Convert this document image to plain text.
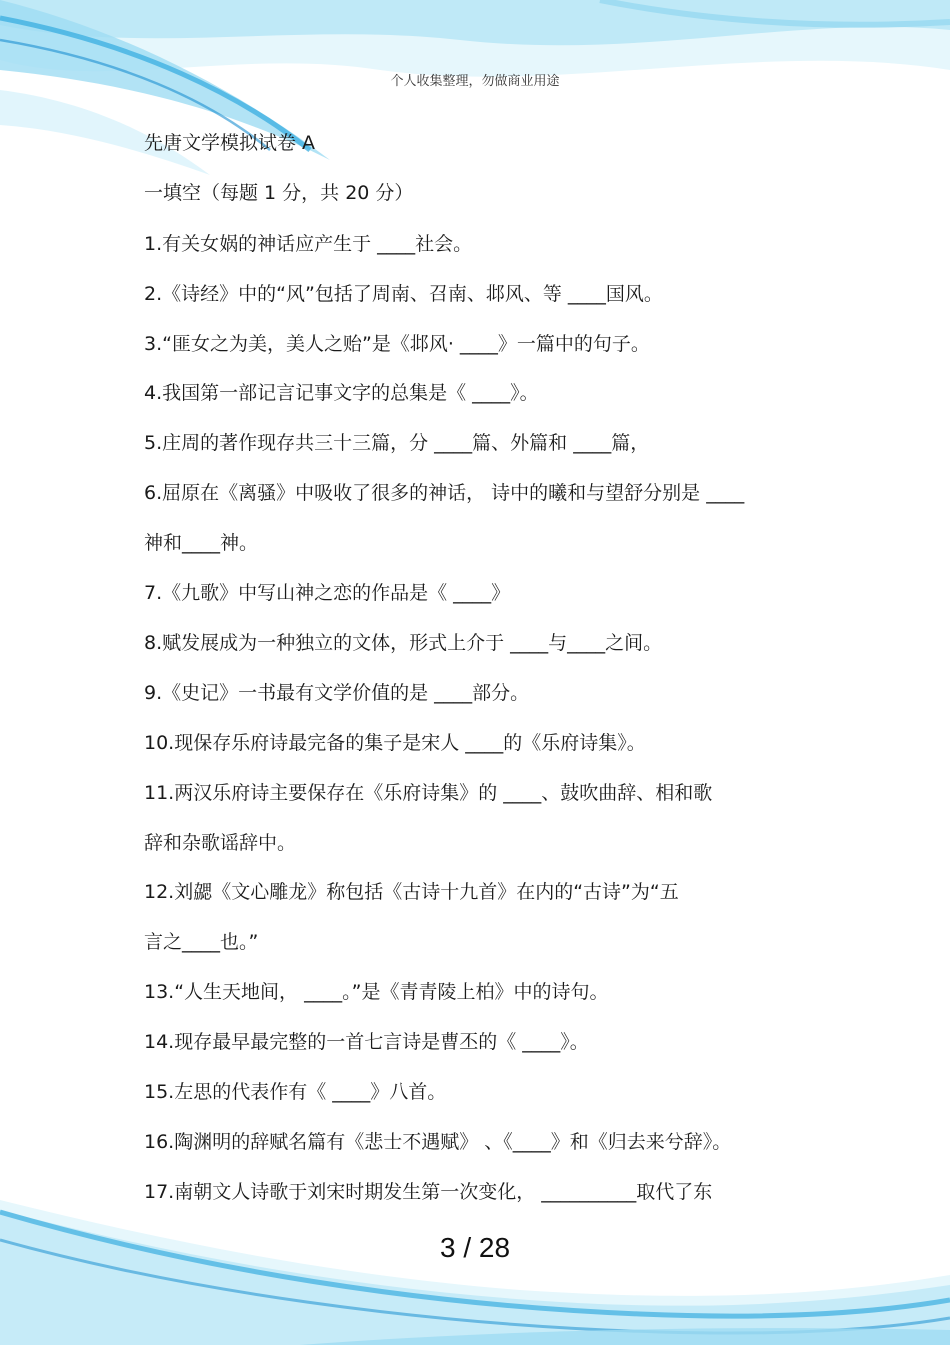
个人收集整理，勿做商业用途
先唐文学模拟试卷 A
一填空（每题 1 分，共 20 分）
1.有关女娲的神话应产生于 ____社会。
2.《诗经》中的“风”包括了周南、召南、邶风、等 ____国风。
3.“匪女之为美，美人之贻”是《邶风· ____》一篇中的句子。
4.我国第一部记言记事文字的总集是《 ____》。
5.庄周的著作现存共三十三篇，分 ____篇、外篇和 ____篇，
6.屈原在《离骚》中吸收了很多的神话， 诗中的曦和与望舒分别是 ____
神和____神。
7.《九歌》中写山神之恋的作品是《 ____》
8.赋发展成为一种独立的文体，形式上介于 ____与____之间。
9.《史记》一书最有文学价值的是 ____部分。
10.现保存乐府诗最完备的集子是宋人 ____的《乐府诗集》。
11.两汉乐府诗主要保存在《乐府诗集》的 ____、鼓吹曲辞、相和歌
辞和杂歌谣辞中。
12.刘勰《文心雕龙》称包括《古诗十九首》在内的“古诗”为“五
言之____也。”
13.“人生天地间， ____。”是《青青陵上柏》中的诗句。
14.现存最早最完整的一首七言诗是曹丕的《 ____》。
15.左思的代表作有《 ____》八首。
16.陶渊明的辞赋名篇有《悲士不遇赋》 、《____》和《归去来兮辞》。
17.南朝文人诗歌于刘宋时期发生第一次变化， __________取代了东
3 / 28
